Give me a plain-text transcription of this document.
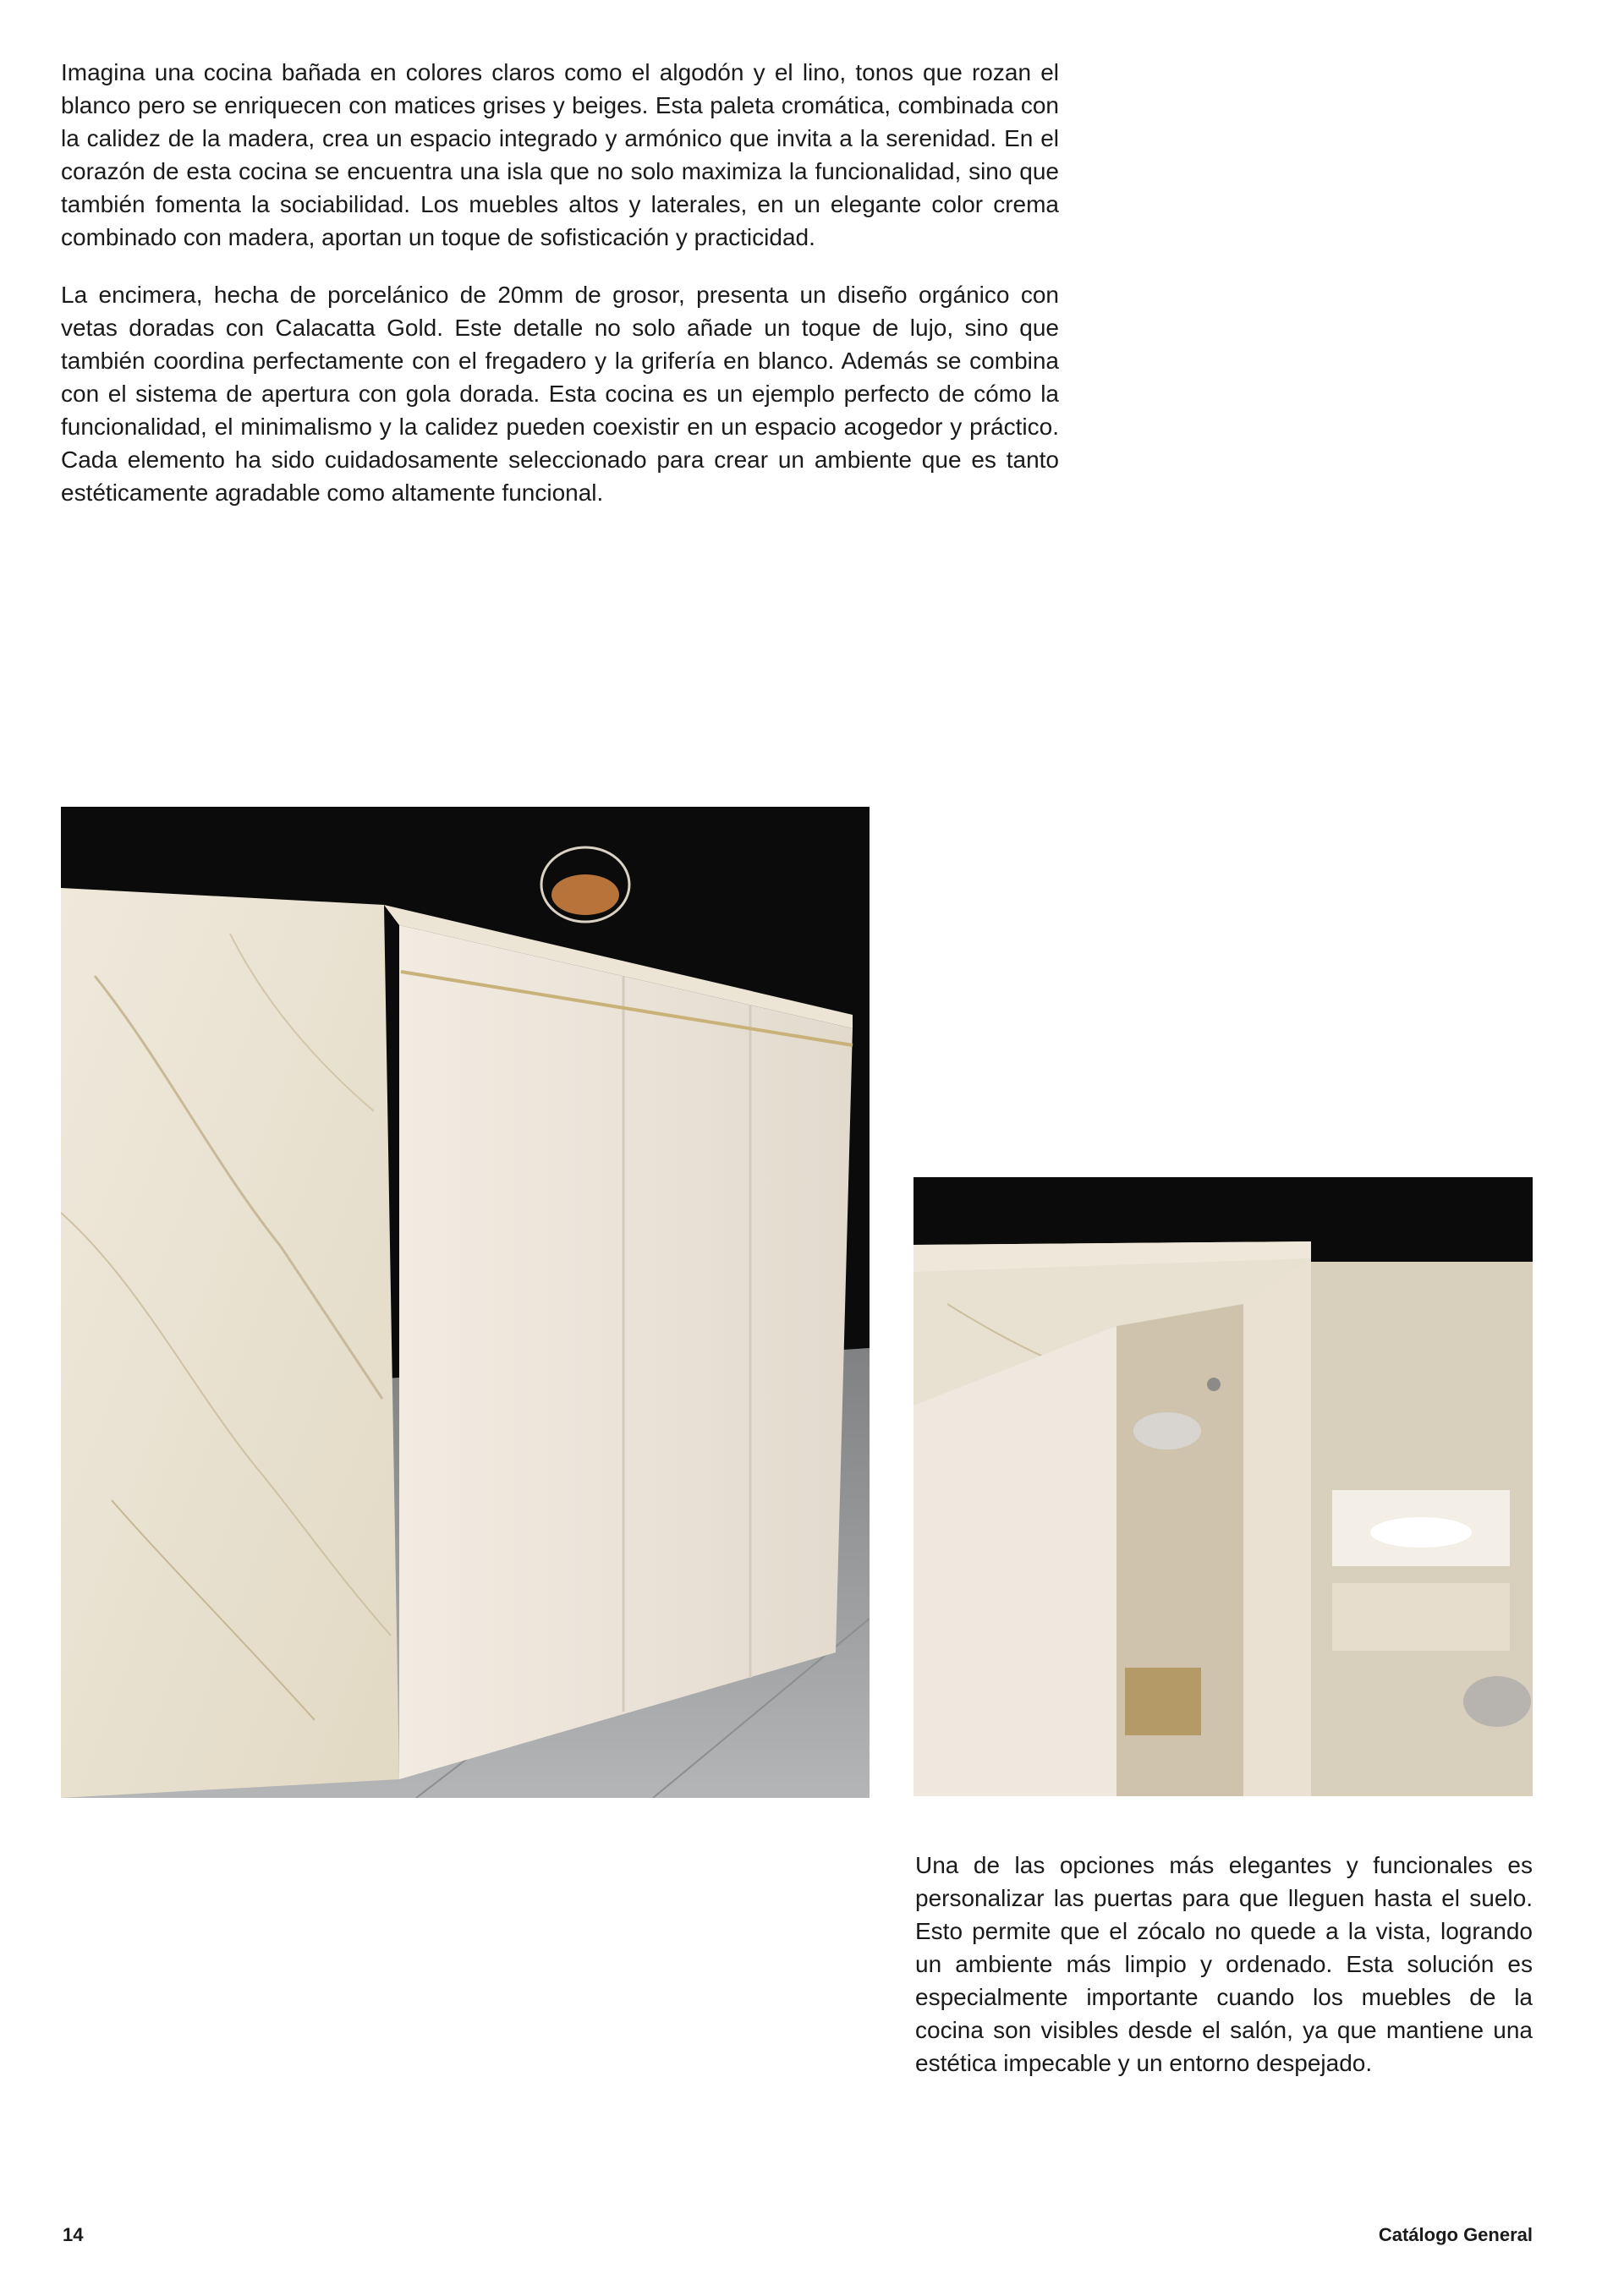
Imagina una cocina bañada en colores claros como el algodón y el lino, tonos que rozan el blanco pero se enriquecen con matices grises y beiges. Esta paleta cromática, combinada con la calidez de la madera, crea un espacio integrado y armónico que invita a la serenidad. En el corazón de esta cocina se encuentra una isla que no solo maximiza la funcionalidad, sino que también fomenta la sociabilidad. Los muebles altos y laterales, en un elegante color crema combinado con madera, aportan un toque de sofisticación y practicidad.

La encimera, hecha de porcelánico de 20mm de grosor, presenta un diseño orgánico con vetas doradas con Calacatta Gold. Este detalle no solo añade un toque de lujo, sino que también coordina perfectamente con el fregadero y la grifería en blanco. Además se combina con el sistema de apertura con gola dorada. Esta cocina es un ejemplo perfecto de cómo la funcionalidad, el minimalismo y la calidez pueden coexistir en un espacio acogedor y práctico. Cada elemento ha sido cuidadosamente seleccionado para crear un ambiente que es tanto estéticamente agradable como altamente funcional.

Una de las opciones más elegantes y funcionales es personalizar las puertas para que lleguen hasta el suelo. Esto permite que el zócalo no quede a la vista, logrando un ambiente más limpio y ordenado. Esta solución es especialmente importante cuando los muebles de la cocina son visibles desde el salón, ya que mantiene una estética impecable y un entorno despejado.

14	Catálogo General
